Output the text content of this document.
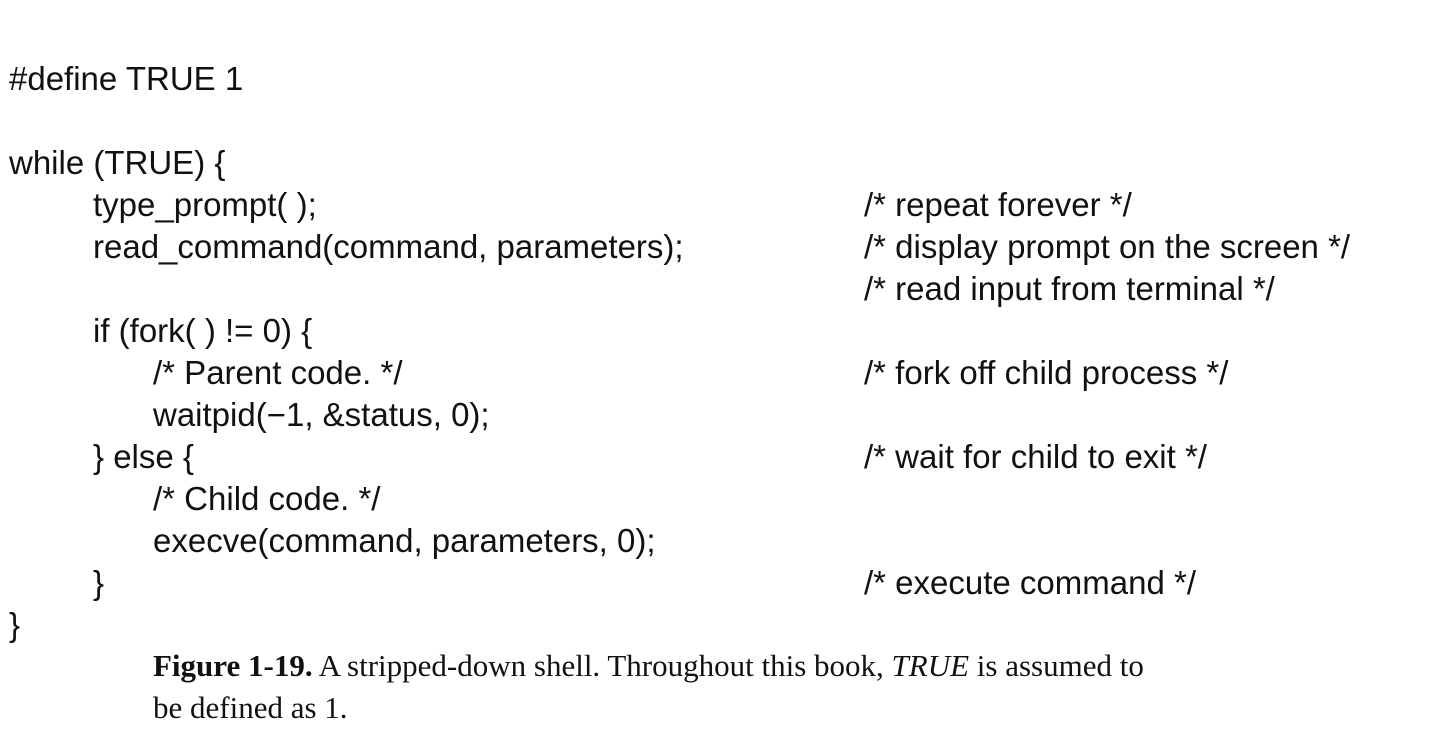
#define TRUE 1

while (TRUE) {

/* repeat forever */

type_prompt( );

/* display prompt on the screen */

read_command(command, parameters);

/* read input from terminal */

if (fork( ) != 0) {

/* fork off child process */

/* Parent code. */

waitpid(−1, &status, 0);

/* wait for child to exit */

} else {

/* Child code. */

execve(command, parameters, 0);

/* execute command */

}

}

Figure 1-19. A stripped-down shell. Throughout this book, TRUE is assumed to
be defined as 1.
